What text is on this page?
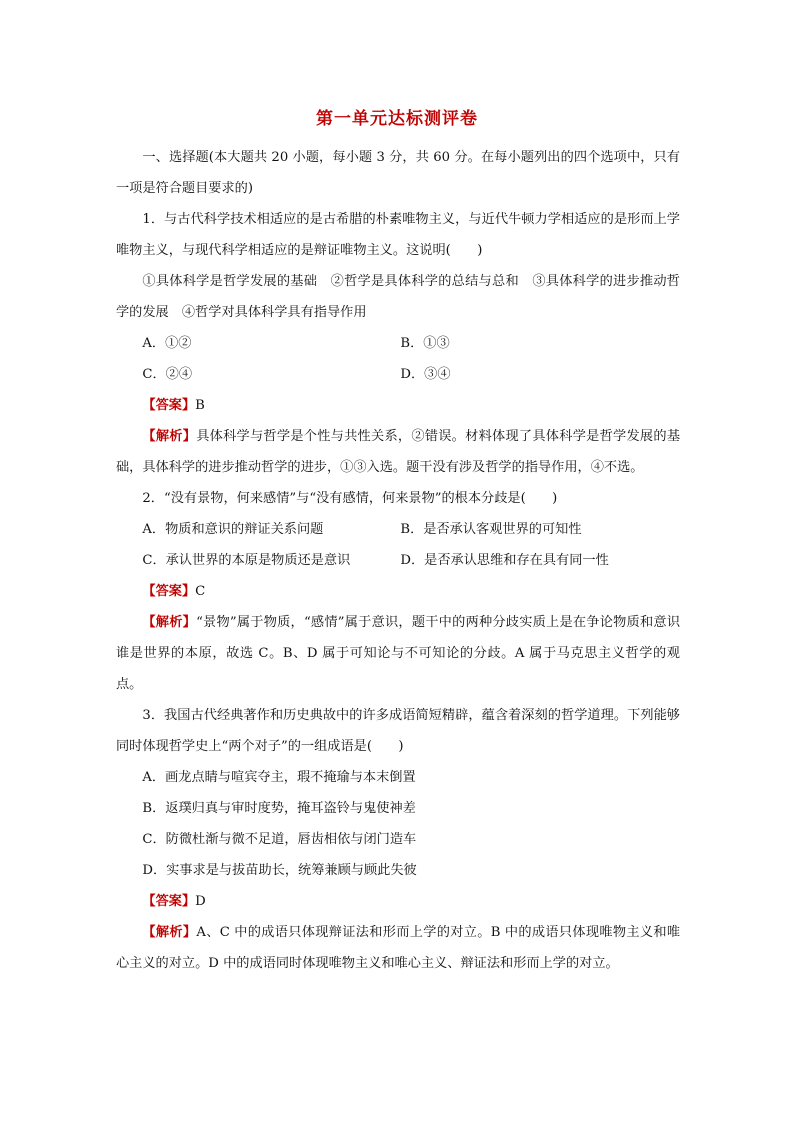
第一单元达标测评卷

一、选择题(本大题共 20 小题，每小题 3 分，共 60 分。在每小题列出的四个选项中，只有一项是符合题目要求的)

1．与古代科学技术相适应的是古希腊的朴素唯物主义，与近代牛顿力学相适应的是形而上学唯物主义，与现代科学相适应的是辩证唯物主义。这说明(　　)

①具体科学是哲学发展的基础　②哲学是具体科学的总结与总和　③具体科学的进步推动哲学的发展　④哲学对具体科学具有指导作用

A．①②	B．①③

C．②④	D．③④

【答案】B

【解析】具体科学与哲学是个性与共性关系，②错误。材料体现了具体科学是哲学发展的基础，具体科学的进步推动哲学的进步，①③入选。题干没有涉及哲学的指导作用，④不选。

2．“没有景物，何来感情”与“没有感情，何来景物”的根本分歧是(　　)

A．物质和意识的辩证关系问题	B．是否承认客观世界的可知性

C．承认世界的本原是物质还是意识	D．是否承认思维和存在具有同一性

【答案】C

【解析】“景物”属于物质，“感情”属于意识，题干中的两种分歧实质上是在争论物质和意识谁是世界的本原，故选 C。B、D 属于可知论与不可知论的分歧。A 属于马克思主义哲学的观点。

3．我国古代经典著作和历史典故中的许多成语简短精辟，蕴含着深刻的哲学道理。下列能够同时体现哲学史上“两个对子”的一组成语是(　　)

A．画龙点睛与喧宾夺主，瑕不掩瑜与本末倒置

B．返璞归真与审时度势，掩耳盗铃与鬼使神差

C．防微杜渐与微不足道，唇齿相依与闭门造车

D．实事求是与拔苗助长，统筹兼顾与顾此失彼

【答案】D

【解析】A、C 中的成语只体现辩证法和形而上学的对立。B 中的成语只体现唯物主义和唯心主义的对立。D 中的成语同时体现唯物主义和唯心主义、辩证法和形而上学的对立。
